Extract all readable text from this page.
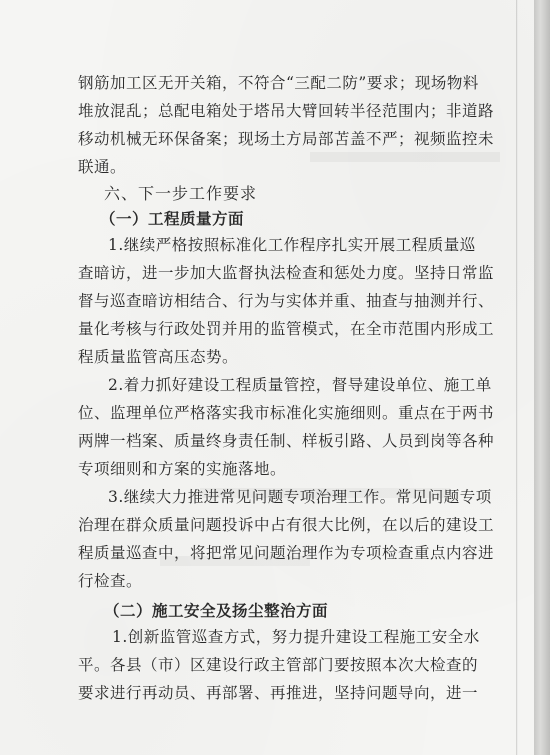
钢筋加工区无开关箱，不符合“三配二防”要求；现场物料
堆放混乱；总配电箱处于塔吊大臂回转半径范围内；非道路
移动机械无环保备案；现场土方局部苫盖不严；视频监控未
联通。
六、下一步工作要求
（一）工程质量方面
1.继续严格按照标准化工作程序扎实开展工程质量巡
查暗访，进一步加大监督执法检查和惩处力度。坚持日常监
督与巡查暗访相结合、行为与实体并重、抽查与抽测并行、
量化考核与行政处罚并用的监管模式，在全市范围内形成工
程质量监管高压态势。
2.着力抓好建设工程质量管控，督导建设单位、施工单
位、监理单位严格落实我市标准化实施细则。重点在于两书
两牌一档案、质量终身责任制、样板引路、人员到岗等各种
专项细则和方案的实施落地。
3.继续大力推进常见问题专项治理工作。常见问题专项
治理在群众质量问题投诉中占有很大比例，在以后的建设工
程质量巡查中，将把常见问题治理作为专项检查重点内容进
行检查。
（二）施工安全及扬尘整治方面
1.创新监管巡查方式，努力提升建设工程施工安全水
平。各县（市）区建设行政主管部门要按照本次大检查的
要求进行再动员、再部署、再推进，坚持问题导向，进一
